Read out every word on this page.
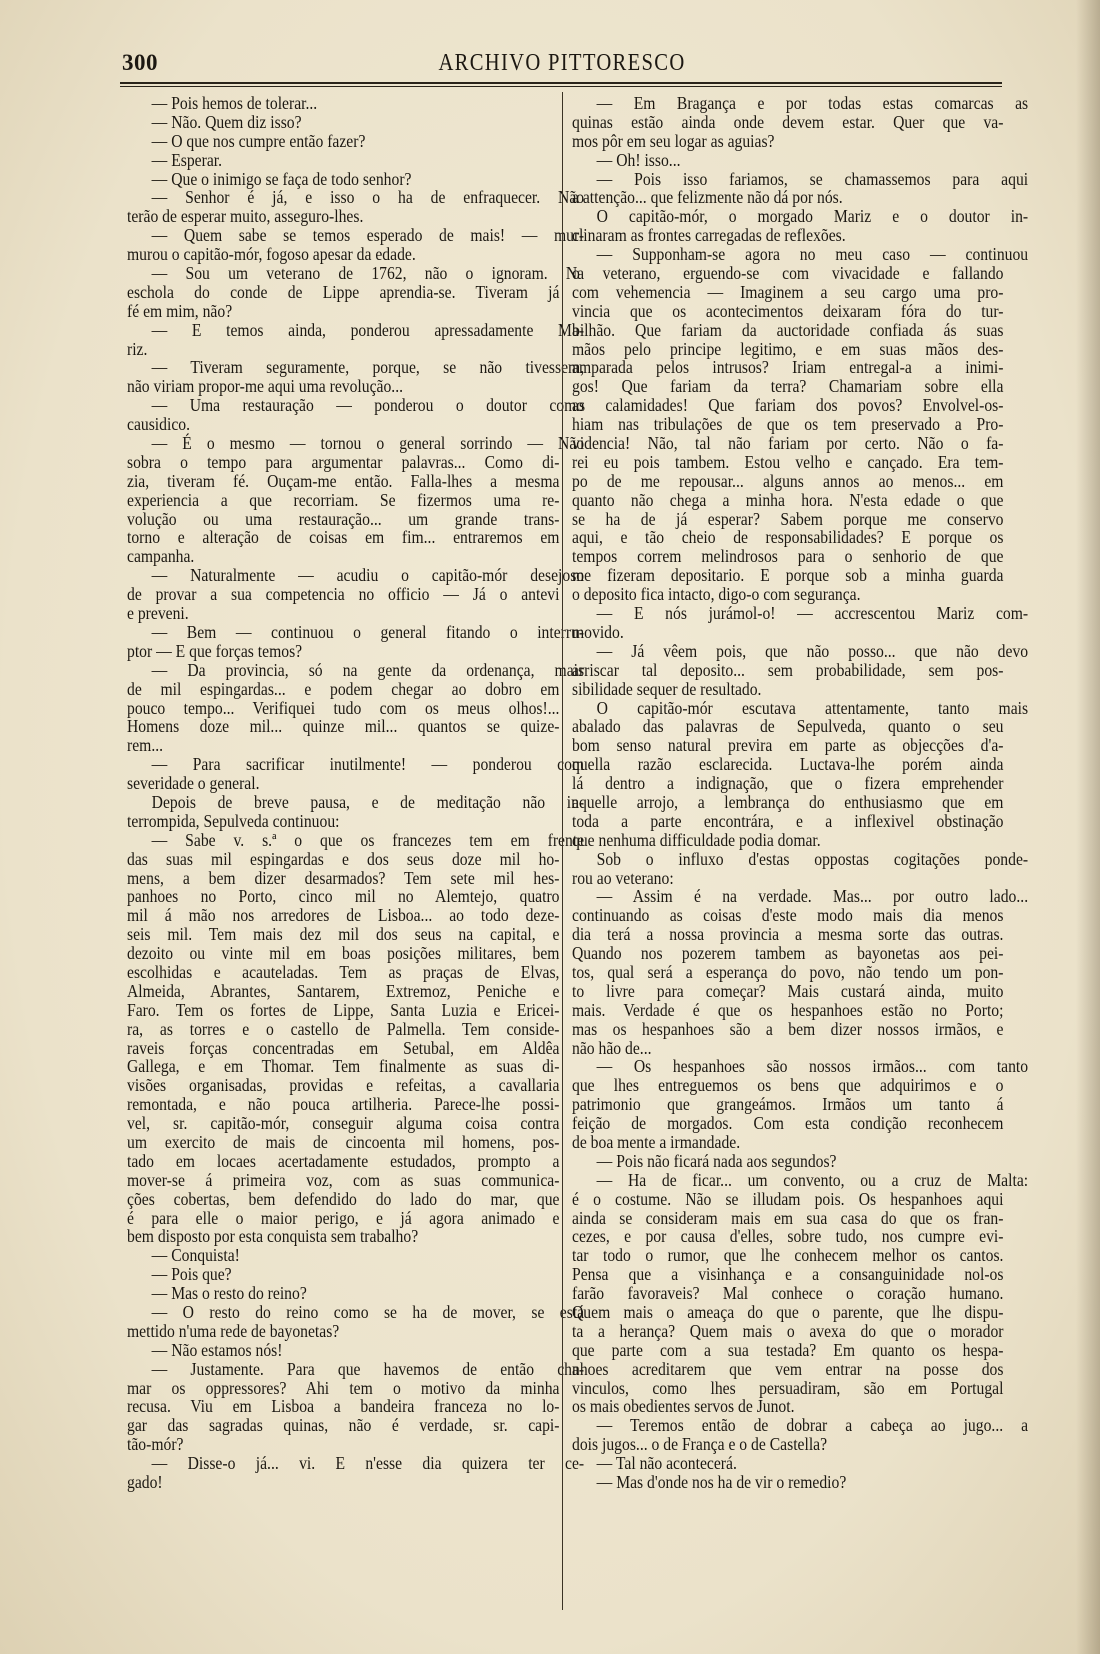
300	ARCHIVO PITTORESCO
— Pois hemos de tolerar...
— Não. Quem diz isso?
— O que nos cumpre então fazer?
— Esperar.
— Que o inimigo se faça de todo senhor?
— Senhor é já, e isso o ha de enfraquecer. Não
terão de esperar muito, asseguro-lhes.
— Quem sabe se temos esperado de mais! — mur-
murou o capitão-mór, fogoso apesar da edade.
— Sou um veterano de 1762, não o ignoram. Na
eschola do conde de Lippe aprendia-se. Tiveram já
fé em mim, não?
— E temos ainda, ponderou apressadamente Ma-
riz.
— Tiveram seguramente, porque, se não tivessem,
não viriam propor-me aqui uma revolução...
— Uma restauração — ponderou o doutor como
causidico.
— É o mesmo — tornou o general sorrindo — Não
sobra o tempo para argumentar palavras... Como di-
zia, tiveram fé. Ouçam-me então. Falla-lhes a mesma
experiencia a que recorriam. Se fizermos uma re-
volução ou uma restauração... um grande trans-
torno e alteração de coisas em fim... entraremos em
campanha.
— Naturalmente — acudiu o capitão-mór desejoso
de provar a sua competencia no officio — Já o antevi
e preveni.
— Bem — continuou o general fitando o interru-
ptor — E que forças temos?
— Da provincia, só na gente da ordenança, mais
de mil espingardas... e podem chegar ao dobro em
pouco tempo... Verifiquei tudo com os meus olhos!...
Homens doze mil... quinze mil... quantos se quize-
rem...
— Para sacrificar inutilmente! — ponderou com
severidade o general.
Depois de breve pausa, e de meditação não in-
terrompida, Sepulveda continuou:
— Sabe v. s.ª o que os francezes tem em frente
das suas mil espingardas e dos seus doze mil ho-
mens, a bem dizer desarmados? Tem sete mil hes-
panhoes no Porto, cinco mil no Alemtejo, quatro
mil á mão nos arredores de Lisboa... ao todo deze-
seis mil. Tem mais dez mil dos seus na capital, e
dezoito ou vinte mil em boas posições militares, bem
escolhidas e acauteladas. Tem as praças de Elvas,
Almeida, Abrantes, Santarem, Extremoz, Peniche e
Faro. Tem os fortes de Lippe, Santa Luzia e Ericei-
ra, as torres e o castello de Palmella. Tem conside-
raveis forças concentradas em Setubal, em Aldêa
Gallega, e em Thomar. Tem finalmente as suas di-
visões organisadas, providas e refeitas, a cavallaria
remontada, e não pouca artilheria. Parece-lhe possi-
vel, sr. capitão-mór, conseguir alguma coisa contra
um exercito de mais de cincoenta mil homens, pos-
tado em locaes acertadamente estudados, prompto a
mover-se á primeira voz, com as suas communica-
ções cobertas, bem defendido do lado do mar, que
é para elle o maior perigo, e já agora animado e
bem disposto por esta conquista sem trabalho?
— Conquista!
— Pois que?
— Mas o resto do reino?
— O resto do reino como se ha de mover, se está
mettido n'uma rede de bayonetas?
— Não estamos nós!
— Justamente. Para que havemos de então cha-
mar os oppressores? Ahi tem o motivo da minha
recusa. Viu em Lisboa a bandeira franceza no lo-
gar das sagradas quinas, não é verdade, sr. capi-
tão-mór?
— Disse-o já... vi. E n'esse dia quizera ter ce-
gado!
— Em Bragança e por todas estas comarcas as
quinas estão ainda onde devem estar. Quer que va-
mos pôr em seu logar as aguias?
— Oh! isso...
— Pois isso fariamos, se chamassemos para aqui
a attenção... que felizmente não dá por nós.
O capitão-mór, o morgado Mariz e o doutor in-
clinaram as frontes carregadas de reflexões.
— Supponham-se agora no meu caso — continuou
o veterano, erguendo-se com vivacidade e fallando
com vehemencia — Imaginem a seu cargo uma pro-
vincia que os acontecimentos deixaram fóra do tur-
bilhão. Que fariam da auctoridade confiada ás suas
mãos pelo principe legitimo, e em suas mãos des-
amparada pelos intrusos? Iriam entregal-a a inimi-
gos! Que fariam da terra? Chamariam sobre ella
as calamidades! Que fariam dos povos? Envolvel-os-
hiam nas tribulações de que os tem preservado a Pro-
videncia! Não, tal não fariam por certo. Não o fa-
rei eu pois tambem. Estou velho e cançado. Era tem-
po de me repousar... alguns annos ao menos... em
quanto não chega a minha hora. N'esta edade o que
se ha de já esperar? Sabem porque me conservo
aqui, e tão cheio de responsabilidades? E porque os
tempos correm melindrosos para o senhorio de que
me fizeram depositario. E porque sob a minha guarda
o deposito fica intacto, digo-o com segurança.
— E nós jurámol-o! — accrescentou Mariz com-
movido.
— Já vêem pois, que não posso... que não devo
arriscar tal deposito... sem probabilidade, sem pos-
sibilidade sequer de resultado.
O capitão-mór escutava attentamente, tanto mais
abalado das palavras de Sepulveda, quanto o seu
bom senso natural previra em parte as objecções d'a-
quella razão esclarecida. Luctava-lhe porém ainda
lá dentro a indignação, que o fizera emprehender
aquelle arrojo, a lembrança do enthusiasmo que em
toda a parte encontrára, e a inflexivel obstinação
que nenhuma difficuldade podia domar.
Sob o influxo d'estas oppostas cogitações ponde-
rou ao veterano:
— Assim é na verdade. Mas... por outro lado...
continuando as coisas d'este modo mais dia menos
dia terá a nossa provincia a mesma sorte das outras.
Quando nos pozerem tambem as bayonetas aos pei-
tos, qual será a esperança do povo, não tendo um pon-
to livre para começar? Mais custará ainda, muito
mais. Verdade é que os hespanhoes estão no Porto;
mas os hespanhoes são a bem dizer nossos irmãos, e
não hão de...
— Os hespanhoes são nossos irmãos... com tanto
que lhes entreguemos os bens que adquirimos e o
patrimonio que grangeámos. Irmãos um tanto á
feição de morgados. Com esta condição reconhecem
de boa mente a irmandade.
— Pois não ficará nada aos segundos?
— Ha de ficar... um convento, ou a cruz de Malta:
é o costume. Não se illudam pois. Os hespanhoes aqui
ainda se consideram mais em sua casa do que os fran-
cezes, e por causa d'elles, sobre tudo, nos cumpre evi-
tar todo o rumor, que lhe conhecem melhor os cantos.
Pensa que a visinhança e a consanguinidade nol-os
farão favoraveis? Mal conhece o coração humano.
Quem mais o ameaça do que o parente, que lhe dispu-
ta a herança? Quem mais o avexa do que o morador
que parte com a sua testada? Em quanto os hespa-
nhoes acreditarem que vem entrar na posse dos
vinculos, como lhes persuadiram, são em Portugal
os mais obedientes servos de Junot.
— Teremos então de dobrar a cabeça ao jugo... a
dois jugos... o de França e o de Castella?
— Tal não acontecerá.
— Mas d'onde nos ha de vir o remedio?
